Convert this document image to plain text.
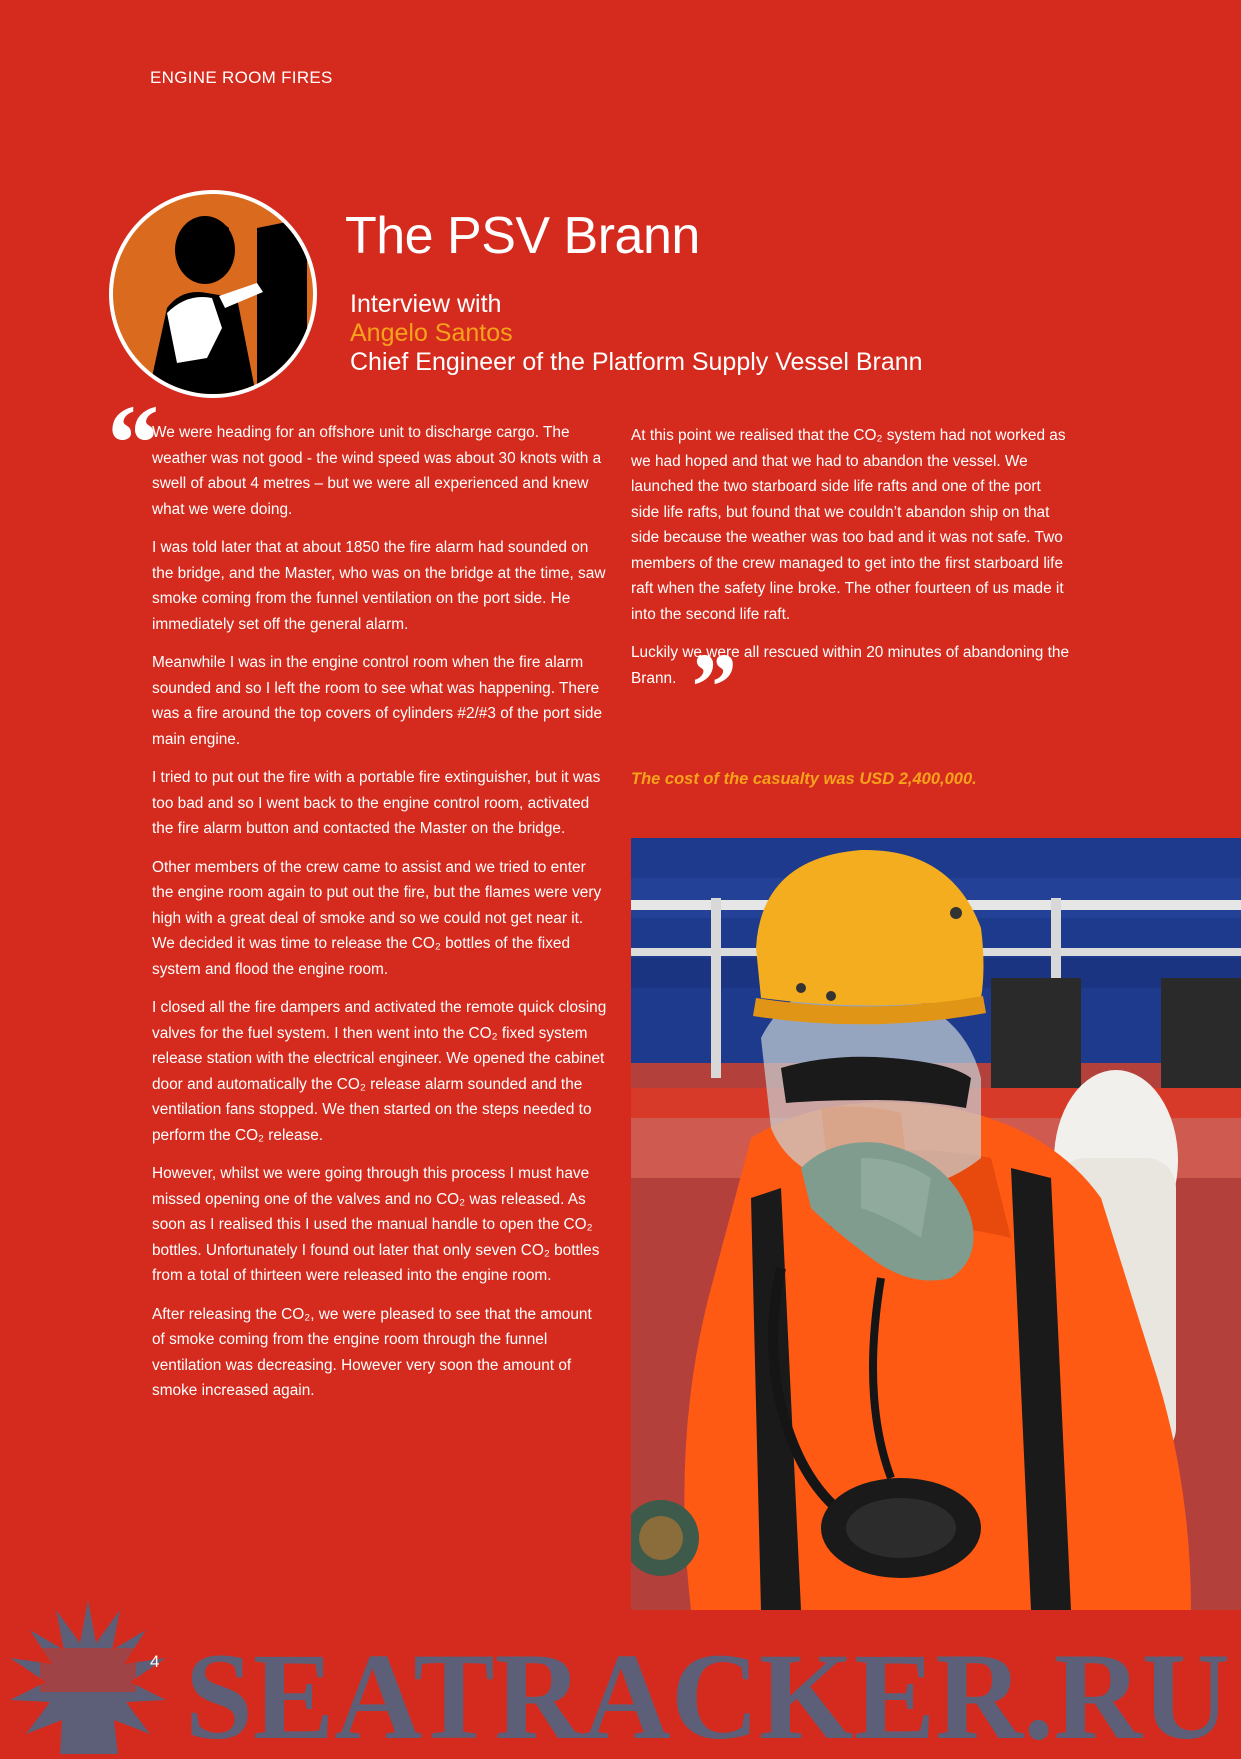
ENGINE ROOM FIRES
The PSV Brann
Interview with
Angelo Santos
Chief Engineer of the Platform Supply Vessel Brann
“

We were heading for an offshore unit to discharge cargo. The weather was not good - the wind speed was about 30 knots with a swell of about 4 metres – but we were all experienced and knew what we were doing.

I was told later that at about 1850 the fire alarm had sounded on the bridge, and the Master, who was on the bridge at the time, saw smoke coming from the funnel ventilation on the port side. He immediately set off the general alarm.

Meanwhile I was in the engine control room when the fire alarm sounded and so I left the room to see what was happening. There was a fire around the top covers of cylinders #2/#3 of the port side main engine.

I tried to put out the fire with a portable fire extinguisher, but it was too bad and so I went back to the engine control room, activated the fire alarm button and contacted the Master on the bridge.

Other members of the crew came to assist and we tried to enter the engine room again to put out the fire, but the flames were very high with a great deal of smoke and so we could not get near it. We decided it was time to release the CO₂ bottles of the fixed system and flood the engine room.

I closed all the fire dampers and activated the remote quick closing valves for the fuel system. I then went into the CO₂ fixed system release station with the electrical engineer. We opened the cabinet door and automatically the CO₂ release alarm sounded and the ventilation fans stopped. We then started on the steps needed to perform the CO₂ release.

However, whilst we were going through this process I must have missed opening one of the valves and no CO₂ was released. As soon as I realised this I used the manual handle to open the CO₂ bottles. Unfortunately I found out later that only seven CO₂ bottles from a total of thirteen were released into the engine room.

After releasing the CO₂, we were pleased to see that the amount of smoke coming from the engine room through the funnel ventilation was decreasing. However very soon the amount of smoke increased again.

At this point we realised that the CO₂ system had not worked as we had hoped and that we had to abandon the vessel. We launched the two starboard side life rafts and one of the port side life rafts, but found that we couldn’t abandon ship on that side because the weather was too bad and it was not safe. Two members of the crew managed to get into the first starboard life raft when the safety line broke. The other fourteen of us made it into the second life raft.

Luckily we were all rescued within 20 minutes of abandoning the Brann. ”

The cost of the casualty was USD 2,400,000.
SEATRACKER.RU
4
